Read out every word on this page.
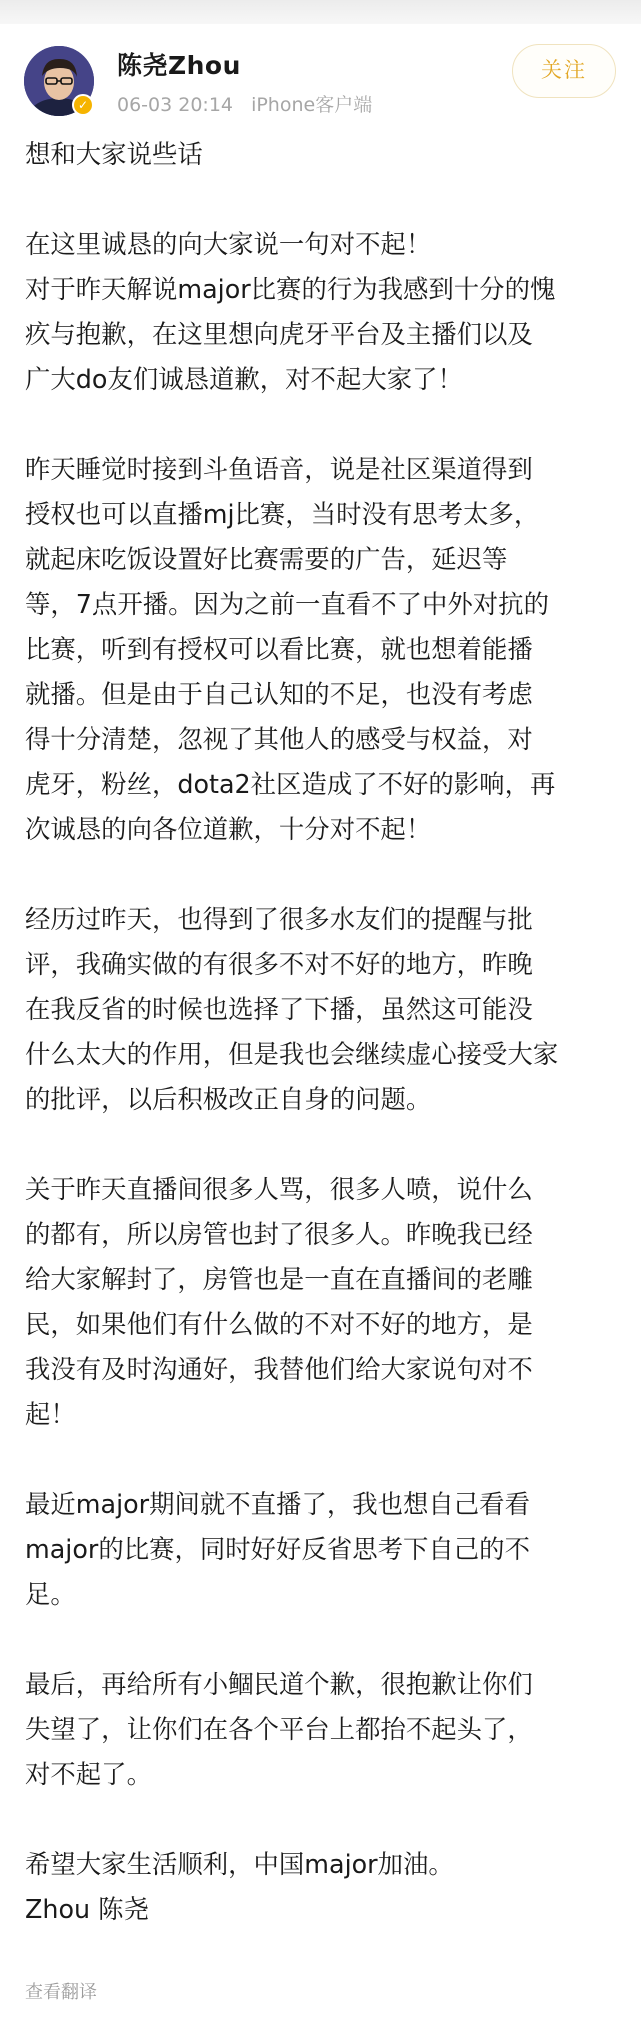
✓
陈尧Zhou
06-03 20:14 iPhone客户端
关注

想和大家说些话

在这里诚恳的向大家说一句对不起！
对于昨天解说major比赛的行为我感到十分的愧
疚与抱歉，在这里想向虎牙平台及主播们以及
广大do友们诚恳道歉，对不起大家了！

昨天睡觉时接到斗鱼语音，说是社区渠道得到
授权也可以直播mj比赛，当时没有思考太多，
就起床吃饭设置好比赛需要的广告，延迟等
等，7点开播。因为之前一直看不了中外对抗的
比赛，听到有授权可以看比赛，就也想着能播
就播。但是由于自己认知的不足，也没有考虑
得十分清楚，忽视了其他人的感受与权益，对
虎牙，粉丝，dota2社区造成了不好的影响，再
次诚恳的向各位道歉，十分对不起！

经历过昨天，也得到了很多水友们的提醒与批
评，我确实做的有很多不对不好的地方，昨晚
在我反省的时候也选择了下播，虽然这可能没
什么太大的作用，但是我也会继续虚心接受大家
的批评，以后积极改正自身的问题。

关于昨天直播间很多人骂，很多人喷，说什么
的都有，所以房管也封了很多人。昨晚我已经
给大家解封了，房管也是一直在直播间的老雕
民，如果他们有什么做的不对不好的地方，是
我没有及时沟通好，我替他们给大家说句对不
起！

最近major期间就不直播了，我也想自己看看
major的比赛，同时好好反省思考下自己的不
足。

最后，再给所有小鲴民道个歉，很抱歉让你们
失望了，让你们在各个平台上都抬不起头了，
对不起了。

希望大家生活顺利，中国major加油。

Zhou 陈尧

查看翻译
